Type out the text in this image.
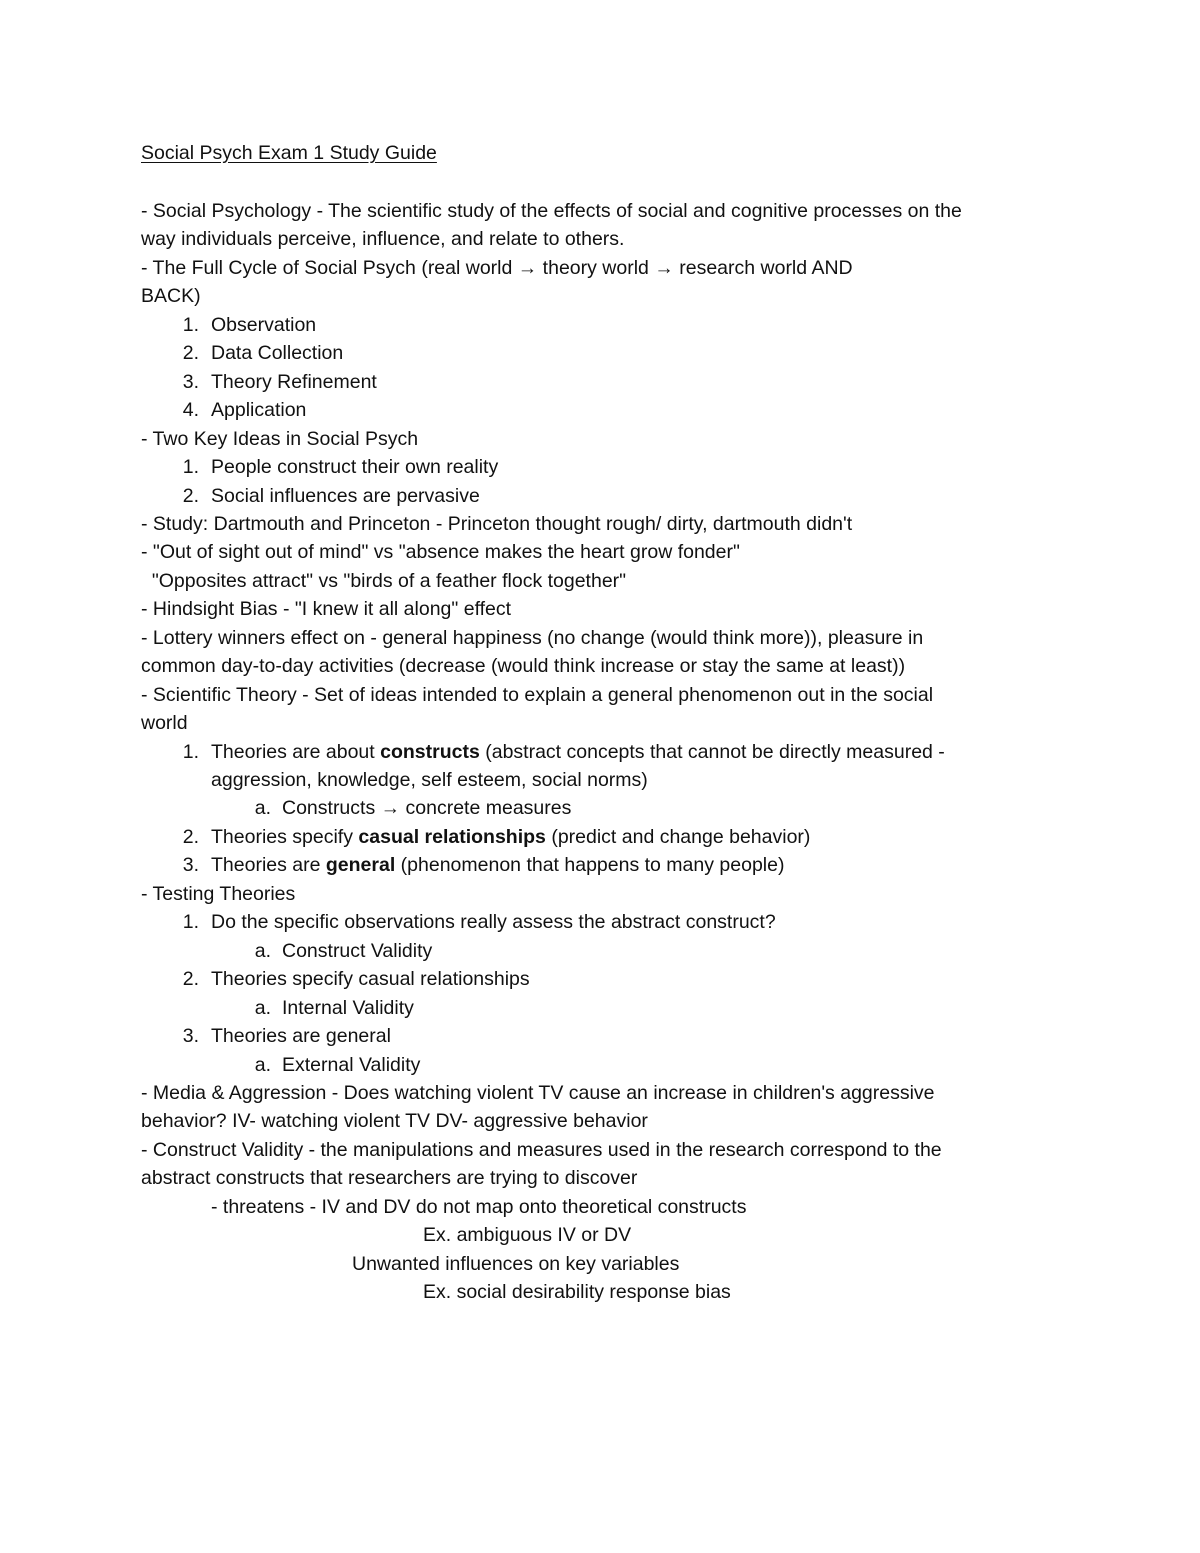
Social Psych Exam 1 Study Guide
- Social Psychology - The scientific study of the effects of social and cognitive processes on the
way individuals perceive, influence, and relate to others.
- The Full Cycle of Social Psych (real world → theory world → research world AND
BACK)
1. Observation
2. Data Collection
3. Theory Refinement
4. Application
- Two Key Ideas in Social Psych
1. People construct their own reality
2. Social influences are pervasive
- Study: Dartmouth and Princeton - Princeton thought rough/ dirty, dartmouth didn't
- "Out of sight out of mind" vs "absence makes the heart grow fonder"
"Opposites attract" vs "birds of a feather flock together"
- Hindsight Bias - "I knew it all along" effect
- Lottery winners effect on - general happiness (no change (would think more)), pleasure in
common day-to-day activities (decrease (would think increase or stay the same at least))
- Scientific Theory - Set of ideas intended to explain a general phenomenon out in the social
world
1. Theories are about constructs (abstract concepts that cannot be directly measured -
aggression, knowledge, self esteem, social norms)
a. Constructs → concrete measures
2. Theories specify casual relationships (predict and change behavior)
3. Theories are general (phenomenon that happens to many people)
- Testing Theories
1. Do the specific observations really assess the abstract construct?
a. Construct Validity
2. Theories specify casual relationships
a. Internal Validity
3. Theories are general
a. External Validity
- Media & Aggression - Does watching violent TV cause an increase in children's aggressive
behavior? IV- watching violent TV DV- aggressive behavior
- Construct Validity - the manipulations and measures used in the research correspond to the
abstract constructs that researchers are trying to discover
- threatens - IV and DV do not map onto theoretical constructs
Ex. ambiguous IV or DV
Unwanted influences on key variables
Ex. social desirability response bias
